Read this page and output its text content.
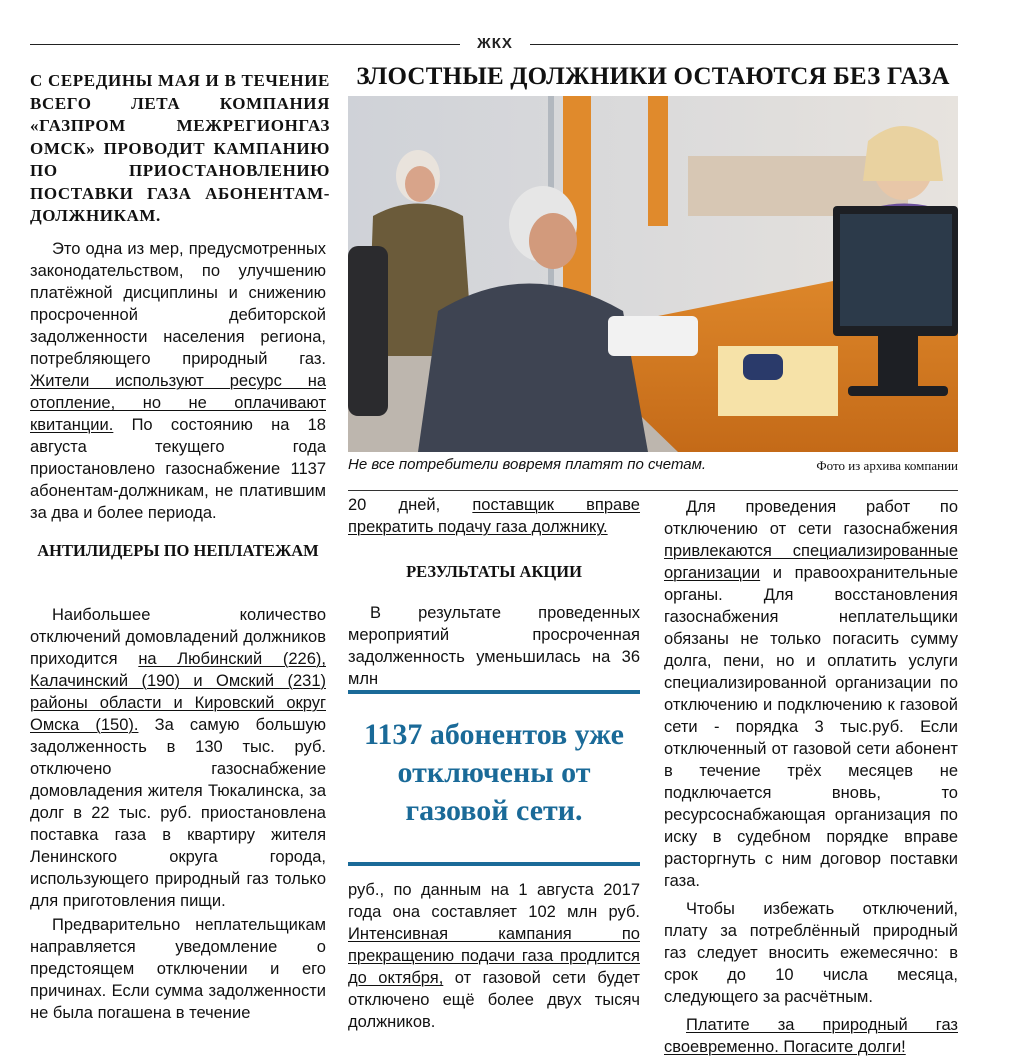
ЖКХ
С СЕРЕДИНЫ МАЯ И В ТЕЧЕНИЕ ВСЕГО ЛЕТА КОМПАНИЯ «ГАЗПРОМ МЕЖРЕГИОНГАЗ ОМСК» ПРОВОДИТ КАМПАНИЮ ПО ПРИОСТАНОВЛЕНИЮ ПОСТАВКИ ГАЗА АБОНЕНТАМ-ДОЛЖНИКАМ.

Это одна из мер, предусмотренных законодательством, по улучшению платёжной дисциплины и снижению просроченной дебиторской задолженности населения региона, потребляющего природный газ. Жители используют ресурс на отопление, но не оплачивают квитанции. По состоянию на 18 августа текущего года приостановлено газоснабжение 1137 абонентам-должникам, не платившим за два и более периода.

АНТИЛИДЕРЫ ПО НЕПЛАТЕЖАМ

Наибольшее количество отключений домовладений должников приходится на Любинский (226), Калачинский (190) и Омский (231) районы области и Кировский округ Омска (150). За самую большую задолженность в 130 тыс. руб. отключено газоснабжение домовладения жителя Тюкалинска, за долг в 22 тыс. руб. приостановлена поставка газа в квартиру жителя Ленинского округа города, использующего природный газ только для приготовления пищи.

Предварительно неплательщикам направляется уведомление о предстоящем отключении и его причинах. Если сумма задолженности не была погашена в течение

ЗЛОСТНЫЕ ДОЛЖНИКИ ОСТАЮТСЯ БЕЗ ГАЗА
Не все потребители вовремя платят по счетам.	Фото из архива компании

20 дней, поставщик вправе прекратить подачу газа должнику.

РЕЗУЛЬТАТЫ АКЦИИ

В результате проведенных мероприятий просроченная задолженность уменьшилась на 36 млн

1137 абонентов уже отключены от газовой сети.

руб., по данным на 1 августа 2017 года она составляет 102 млн руб. Интенсивная кампания по прекращению подачи газа продлится до октября, от газовой сети будет отключено ещё более двух тысяч должников.

Для проведения работ по отключению от сети газоснабжения привлекаются специализированные организации и правоохранительные органы. Для восстановления газоснабжения неплательщики обязаны не только погасить сумму долга, пени, но и оплатить услуги специализированной организации по отключению и подключению к газовой сети - порядка 3 тыс.руб. Если отключенный от газовой сети абонент в течение трёх месяцев не подключается вновь, то ресурсоснабжающая организация по иску в судебном порядке вправе расторгнуть с ним договор поставки газа.

Чтобы избежать отключений, плату за потреблённый природный газ следует вносить ежемесячно: в срок до 10 числа месяца, следующего за расчётным.

Платите за природный газ своевременно. Погасите долги!
